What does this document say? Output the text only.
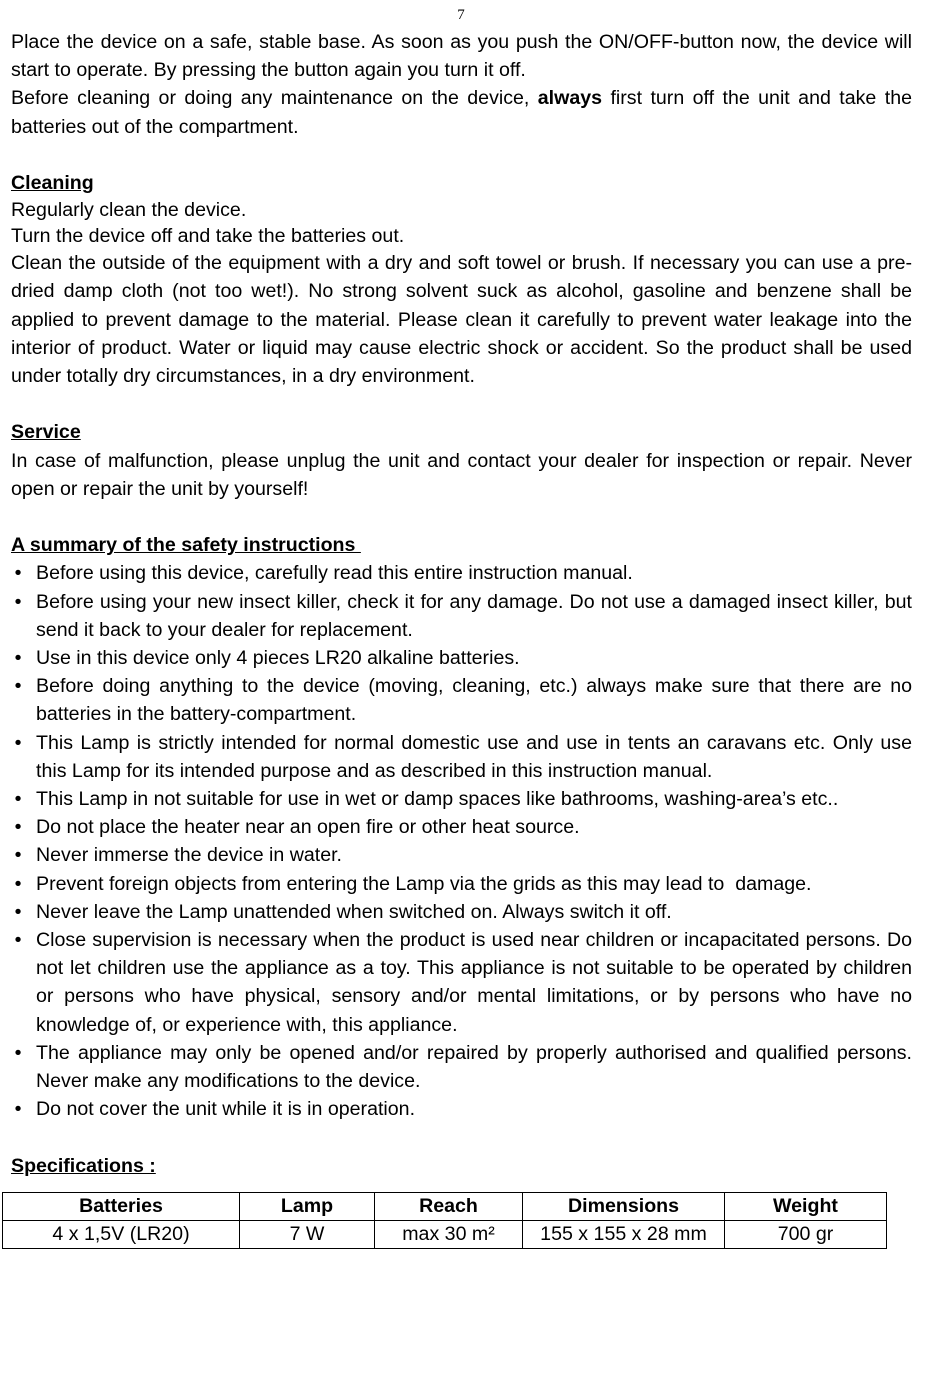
7

Place the device on a safe, stable base. As soon as you push the ON/OFF-button now, the device will start to operate. By pressing the button again you turn it off.

Before cleaning or doing any maintenance on the device, always first turn off the unit and take the batteries out of the compartment.

Cleaning

Regularly clean the device.

Turn the device off and take the batteries out.

Clean the outside of the equipment with a dry and soft towel or brush. If necessary you can use a pre-dried damp cloth (not too wet!). No strong solvent suck as alcohol, gasoline and benzene shall be applied to prevent damage to the material. Please clean it carefully to prevent water leakage into the interior of product. Water or liquid may cause electric shock or accident. So the product shall be used under totally dry circumstances, in a dry environment.

Service

In case of malfunction, please unplug the unit and contact your dealer for inspection or repair. Never open or repair the unit by yourself!

A summary of the safety instructions

• Before using this device, carefully read this entire instruction manual.
• Before using your new insect killer, check it for any damage. Do not use a damaged insect killer, but send it back to your dealer for replacement.
• Use in this device only 4 pieces LR20 alkaline batteries.
• Before doing anything to the device (moving, cleaning, etc.) always make sure that there are no batteries in the battery-compartment.
• This Lamp is strictly intended for normal domestic use and use in tents an caravans etc. Only use this Lamp for its intended purpose and as described in this instruction manual.
• This Lamp in not suitable for use in wet or damp spaces like bathrooms, washing-area’s etc..
• Do not place the heater near an open fire or other heat source.
• Never immerse the device in water.
• Prevent foreign objects from entering the Lamp via the grids as this may lead to  damage.
• Never leave the Lamp unattended when switched on. Always switch it off.
• Close supervision is necessary when the product is used near children or incapacitated persons. Do not let children use the appliance as a toy. This appliance is not suitable to be operated by children or persons who have physical, sensory and/or mental limitations, or by persons who have no knowledge of, or experience with, this appliance.
• The appliance may only be opened and/or repaired by properly authorised and qualified persons. Never make any modifications to the device.
• Do not cover the unit while it is in operation.

Specifications :

Batteries	Lamp	Reach	Dimensions	Weight
4 x 1,5V (LR20)	7 W	max 30 m²	155 x 155 x 28 mm	700 gr
